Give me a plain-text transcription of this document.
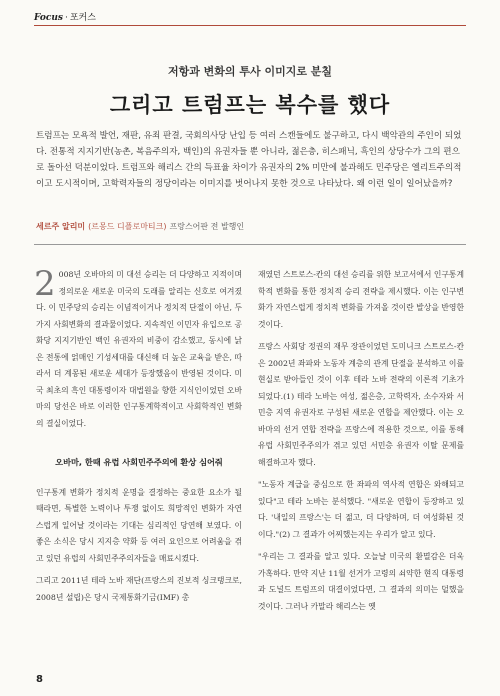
Focus · 포커스
저항과 변화의 투사 이미지로 분칠
그리고 트럼프는 복수를 했다

트럼프는 모욕적 발언, 재판, 유죄 판결, 국회의사당 난입 등 여러 스캔들에도 불구하고, 다시 백악관의 주인이 되었다. 전통적 지지기반(농촌, 복음주의자, 백인)의 유권자들 뿐 아니라, 젊은층, 히스패닉, 흑인의 상당수가 그의 편으로 돌아선 덕분이었다. 트럼프와 해리스 간의 득표율 차이가 유권자의 2% 미만에 불과해도 민주당은 엘리트주의적이고 도시적이며, 고학력자들의 정당이라는 이미지를 벗어나지 못한 것으로 나타났다. 왜 이런 일이 일어났을까?

세르주 알리미 (르몽드 디플로마티크) 프랑스어판 전 발행인

2 008년 오바마의 미 대선 승리는 더 다양하고 지적이며 정의로운 새로운 미국의 도래를 알리는 신호로 여겨졌다. 이 민주당의 승리는 이념적이거나 정치적 단절이 아닌, 두 가지 사회변화의 결과물이었다. 지속적인 이민자 유입으로 공화당 지지기반인 백인 유권자의 비중이 감소했고, 동시에 낡은 전통에 얽매인 기성세대를 대신해 더 높은 교육을 받은, 따라서 더 계몽된 새로운 세대가 등장했음이 반영된 것이다. 미국 최초의 흑인 대통령이자 대법원을 향한 지식인이었던 오바마의 당선은 바로 이러한 인구통계학적이고 사회학적인 변화의 결실이었다.

오바마, 한때 유럽 사회민주주의에 환상 심어줘

인구통계 변화가 정치적 운명을 결정하는 중요한 요소가 될 때라면, 특별한 노력이나 투쟁 없이도 희망적인 변화가 자연스럽게 일어날 것이라는 기대는 심리적인 당연해 보였다. 이 좋은 소식은 당시 지지층 약화 등 여러 요인으로 어려움을 겪고 있던 유럽의 사회민주주의자들을 매료시켰다.

그리고 2011년 테라 노바 재단(프랑스의 진보적 싱크탱크로, 2008년 설립)은 당시 국제통화기금(IMF) 총

재였던 스트로스-칸의 대선 승리를 위한 보고서에서 인구통계학적 변화를 통한 정치적 승리 전략을 제시했다. 이는 인구변화가 자연스럽게 정치적 변화를 가져올 것이란 발상을 반영한 것이다.

프랑스 사회당 정권의 재무 장관이었던 도미니크 스트로스-칸은 2002년 좌파와 노동자 계층의 관계 단절을 분석하고 이를 현실로 받아들인 것이 이후 테라 노바 전략의 이론적 기초가 되었다.(1) 테라 노바는 여성, 젊은층, 고학력자, 소수자와 서민층 지역 유권자로 구성된 새로운 연합을 제안했다. 이는 오바마의 선거 연합 전략을 프랑스에 적용한 것으로, 이를 통해 유럽 사회민주주의가 겪고 있던 서민층 유권자 이탈 문제를 해결하고자 했다.

"노동자 계급을 중심으로 한 좌파의 역사적 연합은 와해되고 있다"고 테라 노바는 분석했다. "새로운 연합이 등장하고 있다. '내일의 프랑스'는 더 젊고, 더 다양하며, 더 여성화된 것이다."(2) 그 결과가 어찌했는지는 우리가 알고 있다.

"우리는 그 결과를 알고 있다. 오늘날 미국의 환멸감은 더욱 가혹하다. 만약 지난 11월 선거가 고령의 쇠약한 현직 대통령과 도널드 트럼프의 대결이었다면, 그 결과의 의미는 덜했을 것이다. 그러나 카말라 해리스는 옛

8
